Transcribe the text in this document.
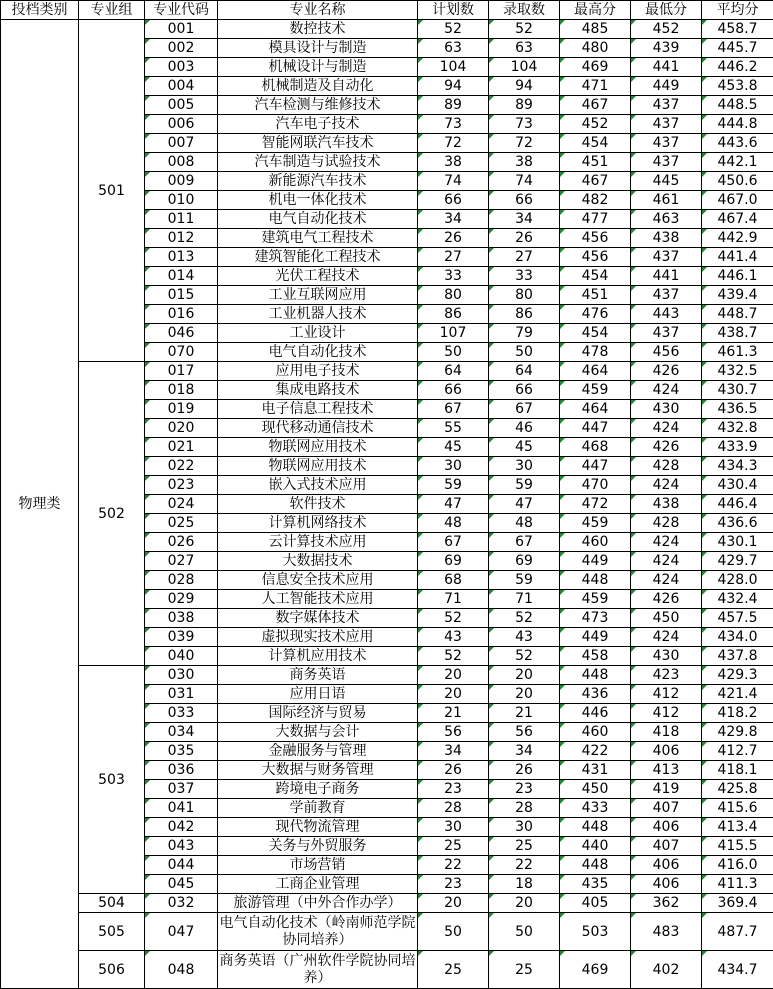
投档类别	专业组	专业代码	专业名称	计划数	录取数	最高分	最低分	平均分
物理类	501	001	数控技术	52	52	485	452	458.7
		002	模具设计与制造	63	63	480	439	445.7
		003	机械设计与制造	104	104	469	441	446.2
		004	机械制造及自动化	94	94	471	449	453.8
		005	汽车检测与维修技术	89	89	467	437	448.5
		006	汽车电子技术	73	73	452	437	444.8
		007	智能网联汽车技术	72	72	454	437	443.6
		008	汽车制造与试验技术	38	38	451	437	442.1
		009	新能源汽车技术	74	74	467	445	450.6
		010	机电一体化技术	66	66	482	461	467.0
		011	电气自动化技术	34	34	477	463	467.4
		012	建筑电气工程技术	26	26	456	438	442.9
		013	建筑智能化工程技术	27	27	456	437	441.4
		014	光伏工程技术	33	33	454	441	446.1
		015	工业互联网应用	80	80	451	437	439.4
		016	工业机器人技术	86	86	476	443	448.7
		046	工业设计	107	79	454	437	438.7
		070	电气自动化技术	50	50	478	456	461.3
	502	017	应用电子技术	64	64	464	426	432.5
		018	集成电路技术	66	66	459	424	430.7
		019	电子信息工程技术	67	67	464	430	436.5
		020	现代移动通信技术	55	46	447	424	432.8
		021	物联网应用技术	45	45	468	426	433.9
		022	物联网应用技术	30	30	447	428	434.3
		023	嵌入式技术应用	59	59	470	424	430.4
		024	软件技术	47	47	472	438	446.4
		025	计算机网络技术	48	48	459	428	436.6
		026	云计算技术应用	67	67	460	424	430.1
		027	大数据技术	69	69	449	424	429.7
		028	信息安全技术应用	68	59	448	424	428.0
		029	人工智能技术应用	71	71	459	426	432.4
		038	数字媒体技术	52	52	473	450	457.5
		039	虚拟现实技术应用	43	43	449	424	434.0
		040	计算机应用技术	52	52	458	430	437.8
	503	030	商务英语	20	20	448	423	429.3
		031	应用日语	20	20	436	412	421.4
		033	国际经济与贸易	21	21	446	412	418.2
		034	大数据与会计	56	56	460	418	429.8
		035	金融服务与管理	34	34	422	406	412.7
		036	大数据与财务管理	26	26	431	413	418.1
		037	跨境电子商务	23	23	450	419	425.8
		041	学前教育	28	28	433	407	415.6
		042	现代物流管理	30	30	448	406	413.4
		043	关务与外贸服务	25	25	440	407	415.5
		044	市场营销	22	22	448	406	416.0
		045	工商企业管理	23	18	435	406	411.3
	504	032	旅游管理（中外合作办学）	20	20	405	362	369.4
	505	047	电气自动化技术（岭南师范学院协同培养）	50	50	503	483	487.7
	506	048	商务英语（广州软件学院协同培养）	25	25	469	402	434.7
